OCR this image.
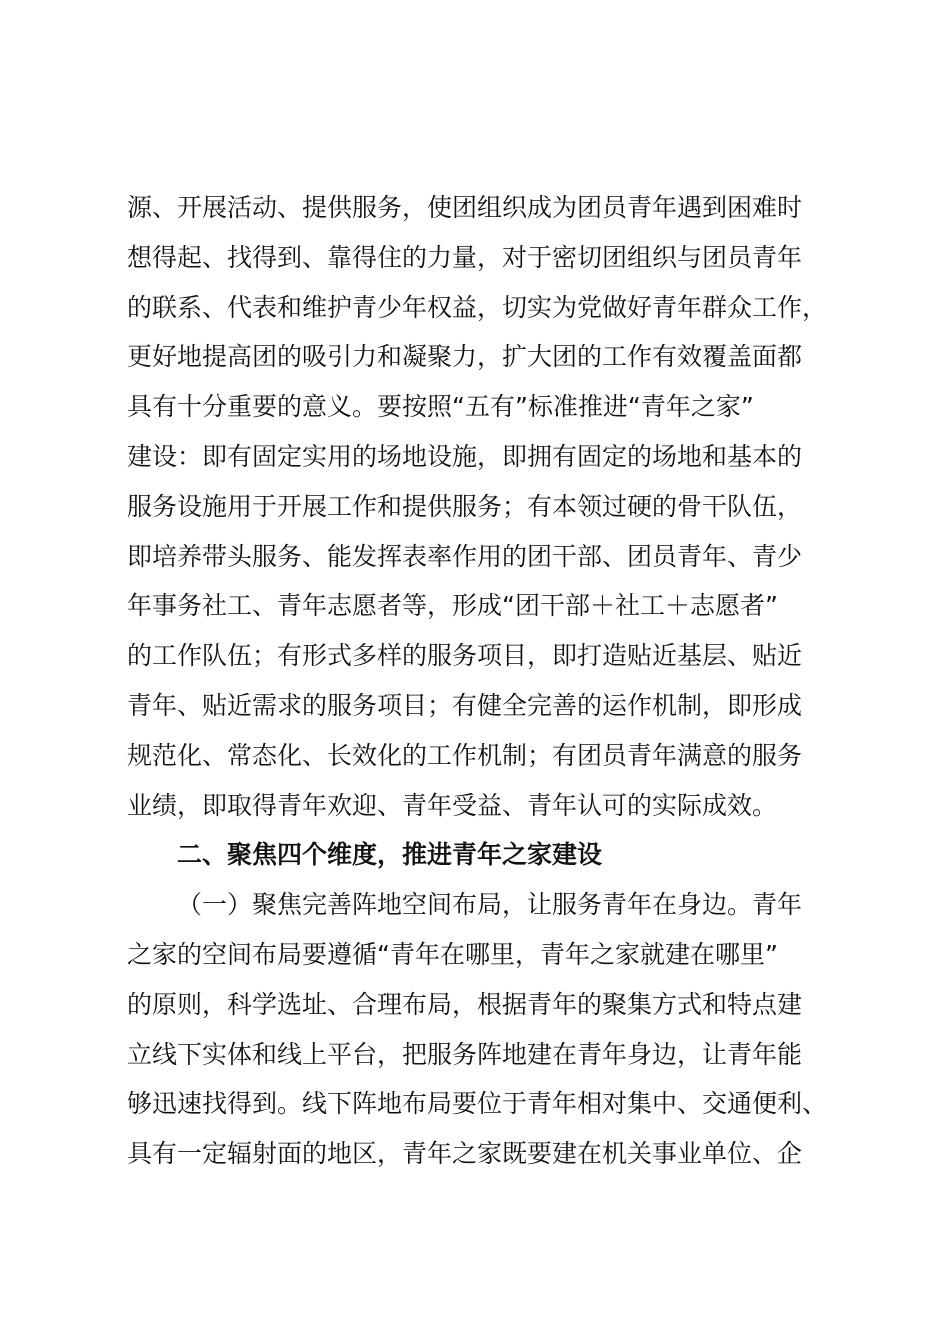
源、开展活动、提供服务，使团组织成为团员青年遇到困难时
想得起、找得到、靠得住的力量，对于密切团组织与团员青年
的联系、代表和维护青少年权益，切实为党做好青年群众工作，
更好地提高团的吸引力和凝聚力，扩大团的工作有效覆盖面都
具有十分重要的意义。要按照“五有”标准推进“青年之家”
建设：即有固定实用的场地设施，即拥有固定的场地和基本的
服务设施用于开展工作和提供服务；有本领过硬的骨干队伍，
即培养带头服务、能发挥表率作用的团干部、团员青年、青少
年事务社工、青年志愿者等，形成“团干部＋社工＋志愿者”
的工作队伍；有形式多样的服务项目，即打造贴近基层、贴近
青年、贴近需求的服务项目；有健全完善的运作机制，即形成
规范化、常态化、长效化的工作机制；有团员青年满意的服务
业绩，即取得青年欢迎、青年受益、青年认可的实际成效。
二、聚焦四个维度，推进青年之家建设
（一）聚焦完善阵地空间布局，让服务青年在身边。青年
之家的空间布局要遵循“青年在哪里，青年之家就建在哪里”
的原则，科学选址、合理布局，根据青年的聚集方式和特点建
立线下实体和线上平台，把服务阵地建在青年身边，让青年能
够迅速找得到。线下阵地布局要位于青年相对集中、交通便利、
具有一定辐射面的地区，青年之家既要建在机关事业单位、企
